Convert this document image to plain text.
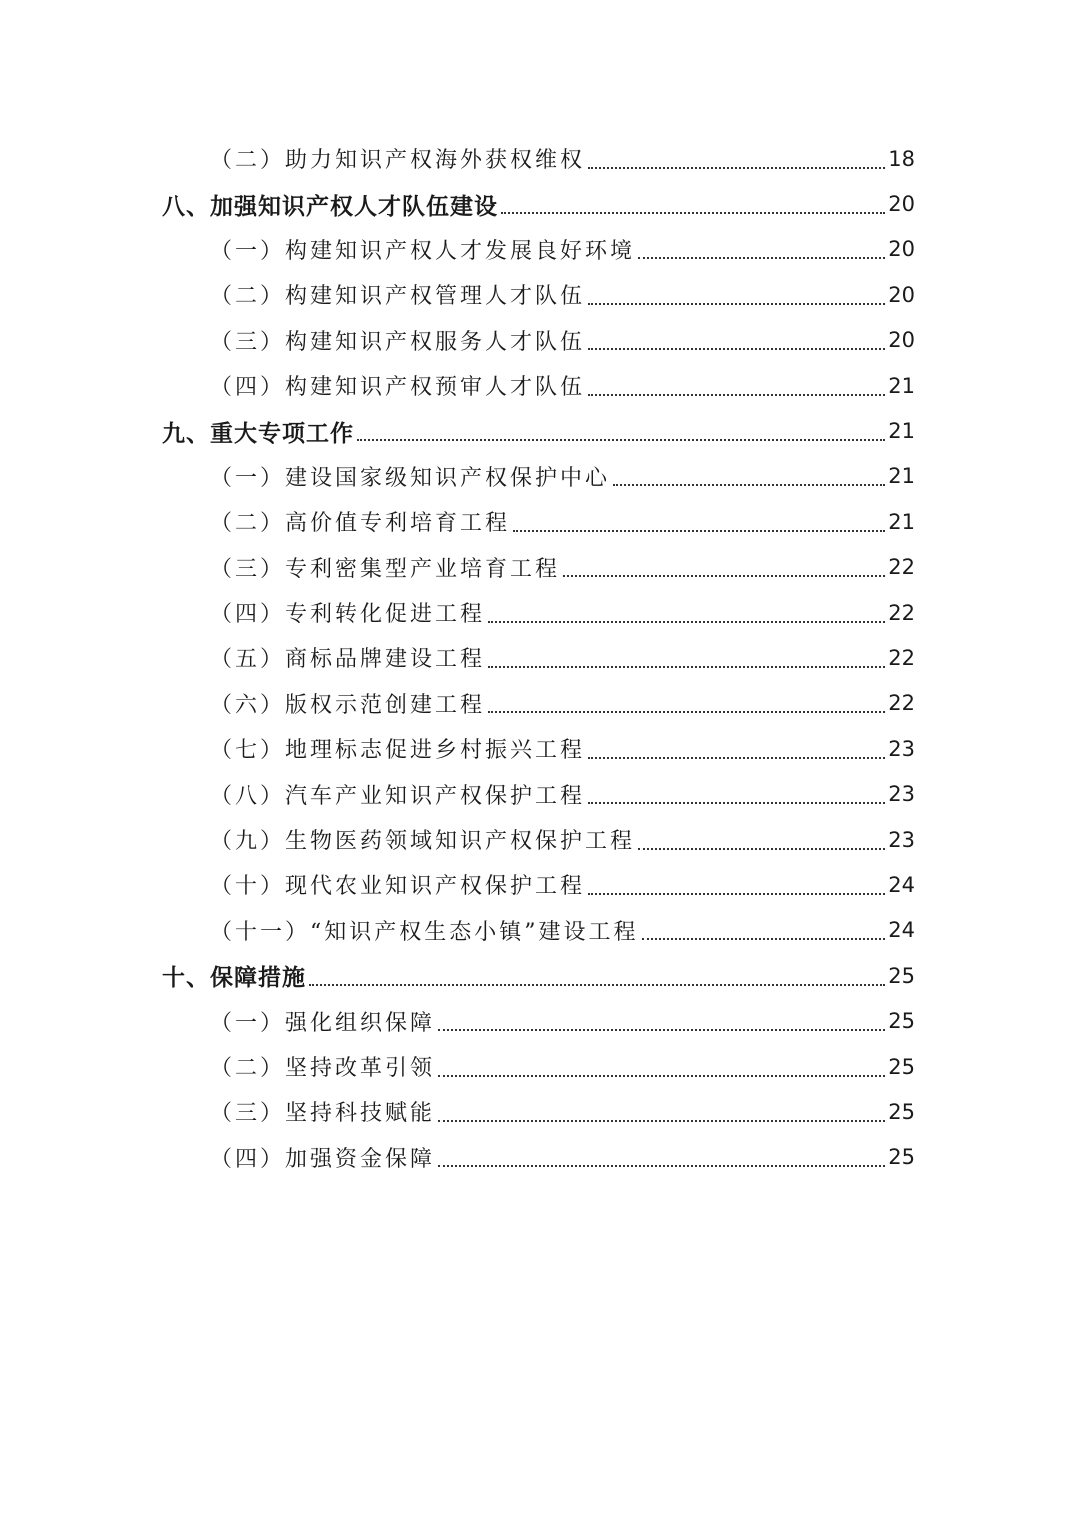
（二）助力知识产权海外获权维权	18
八、加强知识产权人才队伍建设	20
（一）构建知识产权人才发展良好环境	20
（二）构建知识产权管理人才队伍	20
（三）构建知识产权服务人才队伍	20
（四）构建知识产权预审人才队伍	21
九、重大专项工作	21
（一）建设国家级知识产权保护中心	21
（二）高价值专利培育工程	21
（三）专利密集型产业培育工程	22
（四）专利转化促进工程	22
（五）商标品牌建设工程	22
（六）版权示范创建工程	22
（七）地理标志促进乡村振兴工程	23
（八）汽车产业知识产权保护工程	23
（九）生物医药领域知识产权保护工程	23
（十）现代农业知识产权保护工程	24
（十一）“知识产权生态小镇”建设工程	24
十、保障措施	25
（一）强化组织保障	25
（二）坚持改革引领	25
（三）坚持科技赋能	25
（四）加强资金保障	25
